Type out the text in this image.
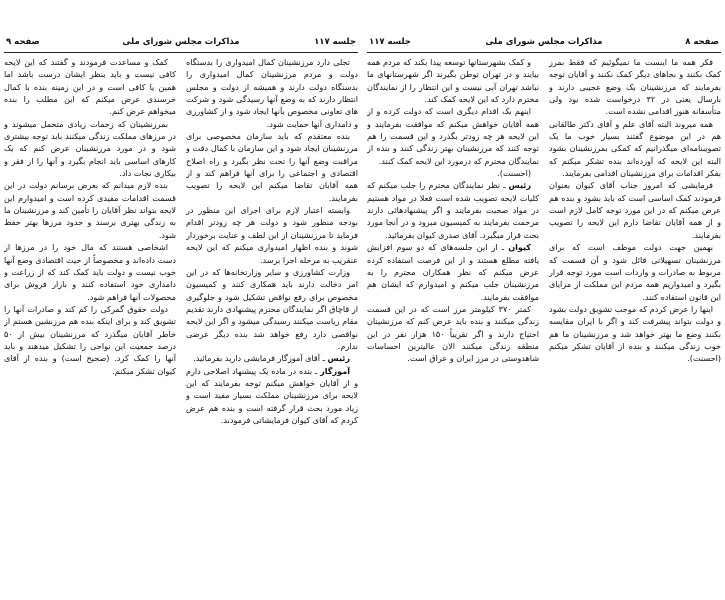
جلسه ۱۱۷
مذاکرات مجلس شورای ملی
صفحه ۹

تجلی دارد مرزنشینان کمال امیدواری را بدستگاه دولت و مردم مرزنشینان کمال امیدواری را بدستگاه دولت دارند و همیشه از دولت و مجلس انتظار دارند که به وضع آنها رسیدگی شود و شرکت های تعاونی مخصوص بآنها ایجاد شود و از کشاورزی و دامداری آنها حمایت شود.

بنده معتقدم که باید سازمان مخصوصی برای مرزنشینان ایجاد شود و این سازمان با کمال دقت و مراقبت وضع آنها را تحت نظر بگیرد و راه اصلاح اقتصادی و اجتماعی را برای آنها فراهم کند و از همه آقایان تقاضا میکنم این لایحه را تصویب بفرمایند.

وابسته اعتبار لازم برای اجرای این منظور در بودجه منظور شود و دولت هر چه زودتر اقدام فرماید تا مرزنشینان از این لطف و عنایت برخوردار شوند و بنده اظهار امیدواری میکنم که این لایحه عنقریب به مرحله اجرا برسد.

وزارت کشاورزی و سایر وزارتخانه‌ها که در این امر دخالت دارند باید همکاری کنند و کمیسیون مخصوص برای رفع نواقص تشکیل شود و جلوگیری از قاچاق اگر نمایندگان محترم پیشنهادی دارند تقدیم مقام ریاست میکنند رسیدگی میشود و اگر این لایحه نواقصی دارد رفع خواهد شد بنده دیگر عرضی ندارم.

رئیس ـ آقای آموزگار فرمایشی دارید بفرمائید.

آموزگار ـ بنده در ماده یک پیشنهاد اصلاحی دارم و از آقایان خواهش میکنم توجه بفرمایند که این لایحه برای مرزنشینان مملکت بسیار مفید است و زیاد مورد بحث قرار گرفته است و بنده هم عرض کردم که آقای کیوان فرمایشاتی فرمودند.

کمک و مساعدت فرمودند و گفتند که این لایحه کافی نیست و باید بنظر ایشان درست باشد اما همین یا کافی است و در این زمینه بنده با کمال خرسندی عرض میکنم که این مطلب را بنده میخواهم عرض کنم.

بمرزنشینان که زحمات زیادی متحمل میشوند و در مرزهای مملکت زندگی میکنند باید توجه بیشتری شود و در مورد مرزنشینان عرض کنم که یک کارهای اساسی باید انجام بگیرد و آنها را از فقر و بیکاری نجات داد.

بنده لازم میدانم که بعرض برسانم دولت در این قسمت اقدامات مفیدی کرده است و امیدوارم این لایحه بتواند نظر آقایان را تأمین کند و مرزنشینان ما به زندگی بهتری برسند و حدود مرزها بهتر حفظ شود.

اشخاصی هستند که مال خود را در مرزها از دست داده‌اند و مخصوصاً از حیث اقتصادی وضع آنها خوب نیست و دولت باید کمک کند که از زراعت و دامداری خود استفاده کنند و بازار فروش برای محصولات آنها فراهم شود.

دولت حقوق گمرکی را کم کند و صادرات آنها را تشویق کند و برای اینکه بنده هم مرزنشین هستم از خاطر آقایان میگذرد که مرزنشینان بیش از ۵۰ درصد جمعیت این نواحی را تشکیل میدهند و باید آنها را کمک کرد. (صحیح است) و بنده از آقای کیوان تشکر میکنم.

صفحه ۸
مذاکرات مجلس شورای ملی
جلسه ۱۱۷

فکر همه ما اینست ما نمیگوئیم که فقط بمرز کمک بکنند و بجاهای دیگر کمک نکنند و آقایان توجه بفرمایند که مرزنشینان یک وضع عجیبی دارند و بارسال یعنی در ۴۲ درخواست شده بود ولی متأسفانه هنوز اقدامی نشده است.

همه میروند البته آقای علم و آقای دکتر طالقانی هم در این موضوع گفتند بسیار خوب ما یک تصویبنامه‌ای میگذرانیم که کمکی بمرزنشینان بشود البته این لایحه که آورده‌اند بنده تشکر میکنم که بفکر اقدامات برای مرزنشینان اقدامی بفرمایند.

فرمایشی که امروز جناب آقای کیوان بعنوان فرمودند کمک اساسی است که باید بشود و بنده هم عرض میکنم که در این مورد توجه کامل لازم است و از همه آقایان تقاضا دارم این لایحه را تصویب بفرمایند.

بهمین جهت دولت موظف است که برای مرزنشینان تسهیلاتی قائل شود و آن قسمت که مربوط به صادرات و واردات است مورد توجه قرار بگیرد و امیدواریم همه مردم این مملکت از مزایای این قانون استفاده کنند.

اینها را عرض کردم که موجب تشویق دولت بشود و دولت بتواند پیشرفت کند و اگر با ایران مقایسه بکنند وضع ما بهتر خواهد شد و مرزنشینان ما هم خوب زندگی میکنند و بنده از آقایان تشکر میکنم (احسنت).

و کمک بشهرستانها توسعه پیدا بکند که مردم همه بیایند و در تهران توطن بگیرند اگر شهرستانهای ما نباشد تهران آبی نیست و این انتظار را از نمایندگان محترم دارد که این لایحه کمک کند.

اینهم یک اقدام دیگری است که دولت کرده و از همه آقایان خواهش میکنم که موافقت بفرمایند و این لایحه هر چه زودتر بگذرد و این قسمت را هم توجه کنند که مرزنشینان بهتر زندگی کنند و بنده از نمایندگان محترم که درمورد این لایحه کمک کنند.

(احسنت).

رئیس ـ نظر نمایندگان محترم را جلب میکنم که کلیات لایحه تصویب شده است فعلا در مواد هستیم در مواد صحبت بفرمایند و اگر پیشنهادهائی دارند مرحمت بفرمایند به کمیسیون میرود و در آنجا مورد بحث قرار میگیرد. آقای صدری کیوان بفرمائید.

کیوان ـ از این جلسه‌های که دو سوم افزایش یافته مطلع هستند و از این فرصت استفاده کرده عرض میکنم که نظر همکاران محترم را به مرزنشینان جلب میکنم و امیدوارم که ایشان هم موافقت بفرمایند.

کمتر ۳۷۰ کیلومتر مرز است که در این قسمت زندگی میکنند و بنده باید عرض کنم که مرزنشینان احتیاج دارند و اگر تقریباً ۱۵۰ هزار نفر در این منطقه زندگی میکنند الان عالیترین احساسات شاهدوستی در مرز ایران و عراق است.
